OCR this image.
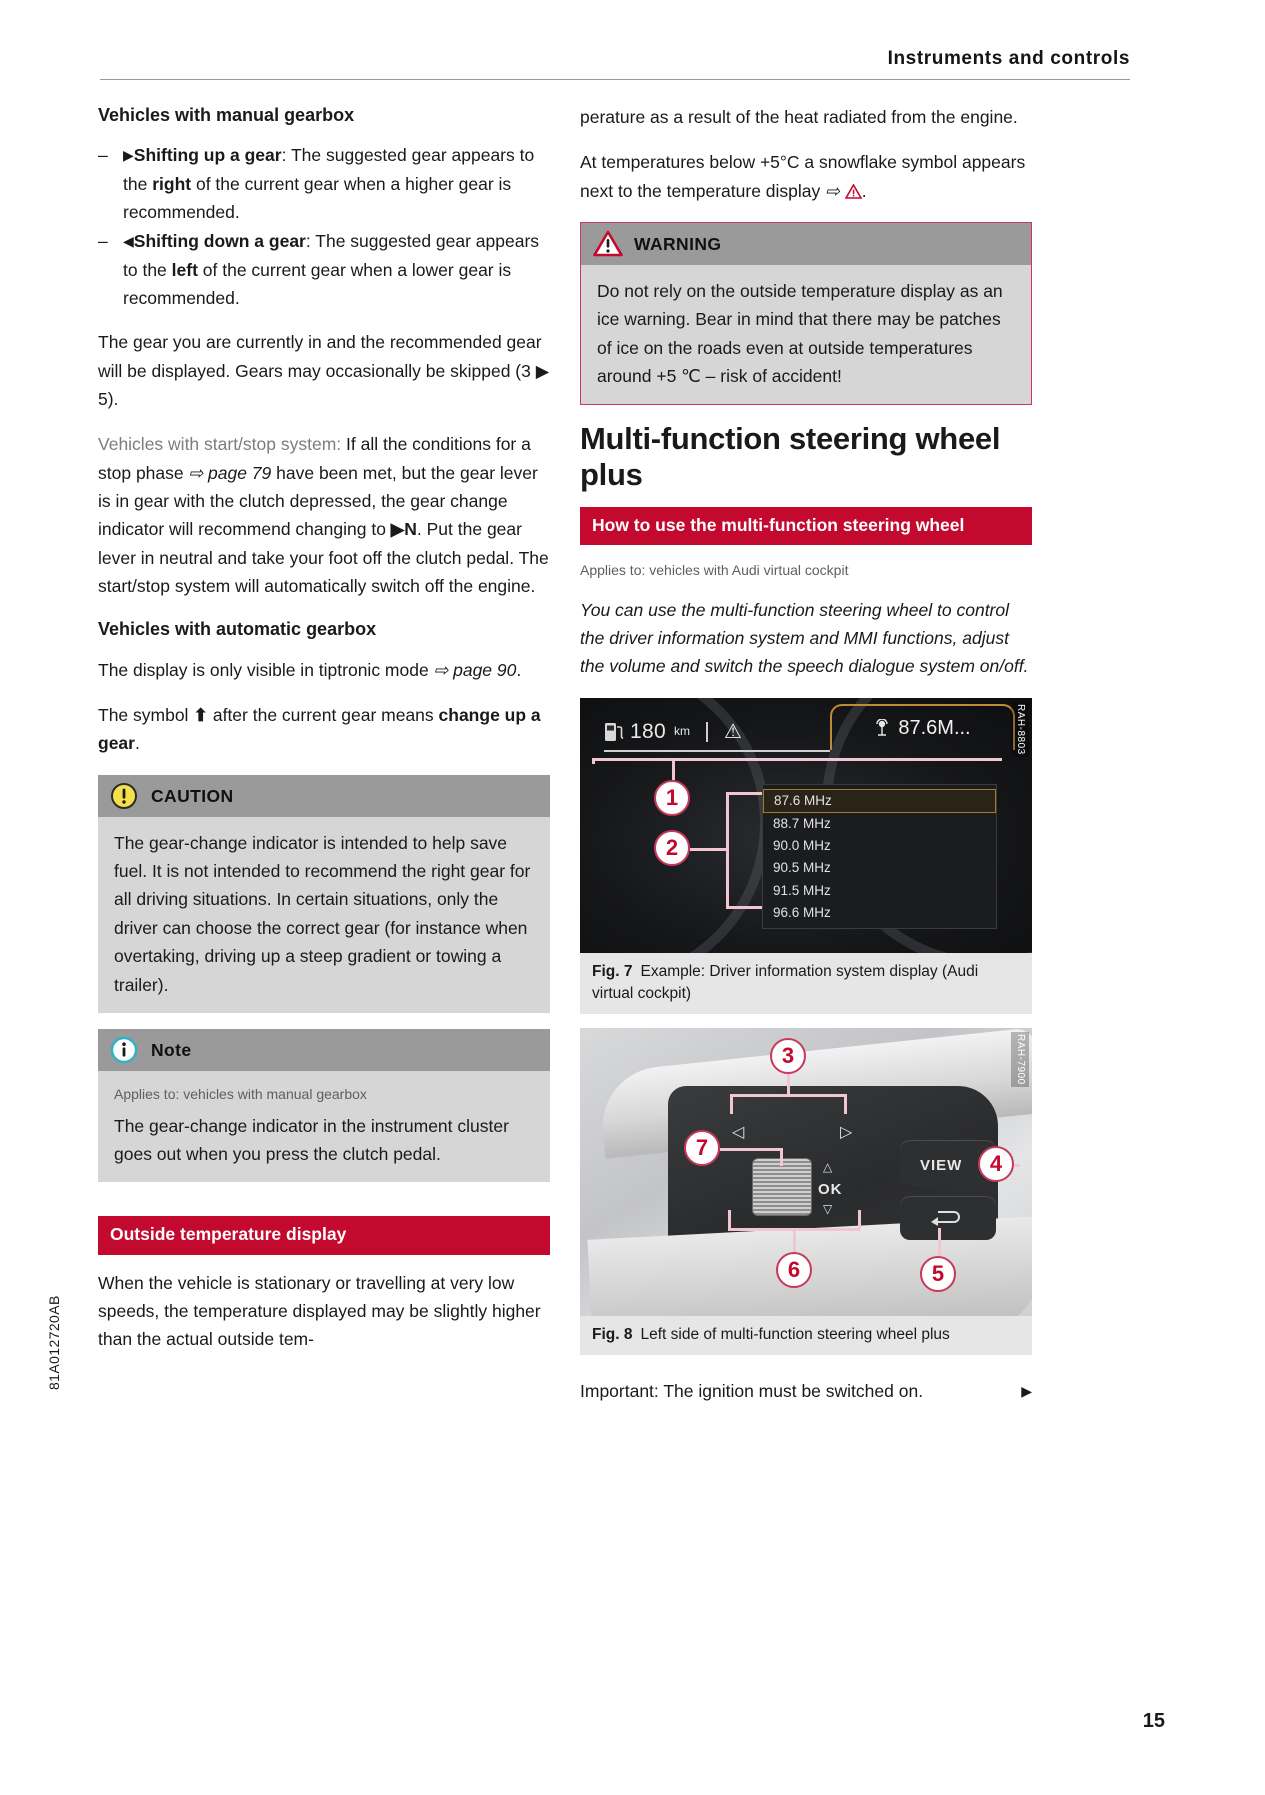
Instruments and controls
81A012720AB
Vehicles with manual gearbox
– ▶Shifting up a gear: The suggested gear appears to the right of the current gear when a higher gear is recommended.
– ◀Shifting down a gear: The suggested gear appears to the left of the current gear when a lower gear is recommended.

The gear you are currently in and the recommended gear will be displayed. Gears may occasionally be skipped (3 ▶ 5).

Vehicles with start/stop system: If all the conditions for a stop phase ⇨ page 79 have been met, but the gear lever is in gear with the clutch depressed, the gear change indicator will recommend changing to ▶N. Put the gear lever in neutral and take your foot off the clutch pedal. The start/stop system will automatically switch off the engine.

Vehicles with automatic gearbox

The display is only visible in tiptronic mode ⇨ page 90.

The symbol ⬆ after the current gear means change up a gear.

CAUTION
The gear-change indicator is intended to help save fuel. It is not intended to recommend the right gear for all driving situations. In certain situations, only the driver can choose the correct gear (for instance when overtaking, driving up a steep gradient or towing a trailer).
Note
Applies to: vehicles with manual gearbox
The gear-change indicator in the instrument cluster goes out when you press the clutch pedal.
Outside temperature display

When the vehicle is stationary or travelling at very low speeds, the temperature displayed may be slightly higher than the actual outside tem-

perature as a result of the heat radiated from the engine.

At temperatures below +5°C a snowflake symbol appears next to the temperature display ⇨ .

WARNING
Do not rely on the outside temperature display as an ice warning. Bear in mind that there may be patches of ice on the roads even at outside temperatures around +5 ℃ – risk of accident!
Multi-function steering wheel plus
How to use the multi-function steering wheel
Applies to: vehicles with Audi virtual cockpit

You can use the multi-function steering wheel to control the driver information system and MMI functions, adjust the volume and switch the speech dialogue system on/off.

180 km ⚠	87.6M...
87.6 MHz
88.7 MHz
90.0 MHz
90.5 MHz
91.5 MHz
96.6 MHz
1
2
RAH-8803
Fig. 7 Example: Driver information system display (Audi virtual cockpit)
◁	▷
△
OK
▽
VIEW
3
4
5
6
7
RAH-7900
Fig. 8 Left side of multi-function steering wheel plus
Important: The ignition must be switched on.	▶
15
